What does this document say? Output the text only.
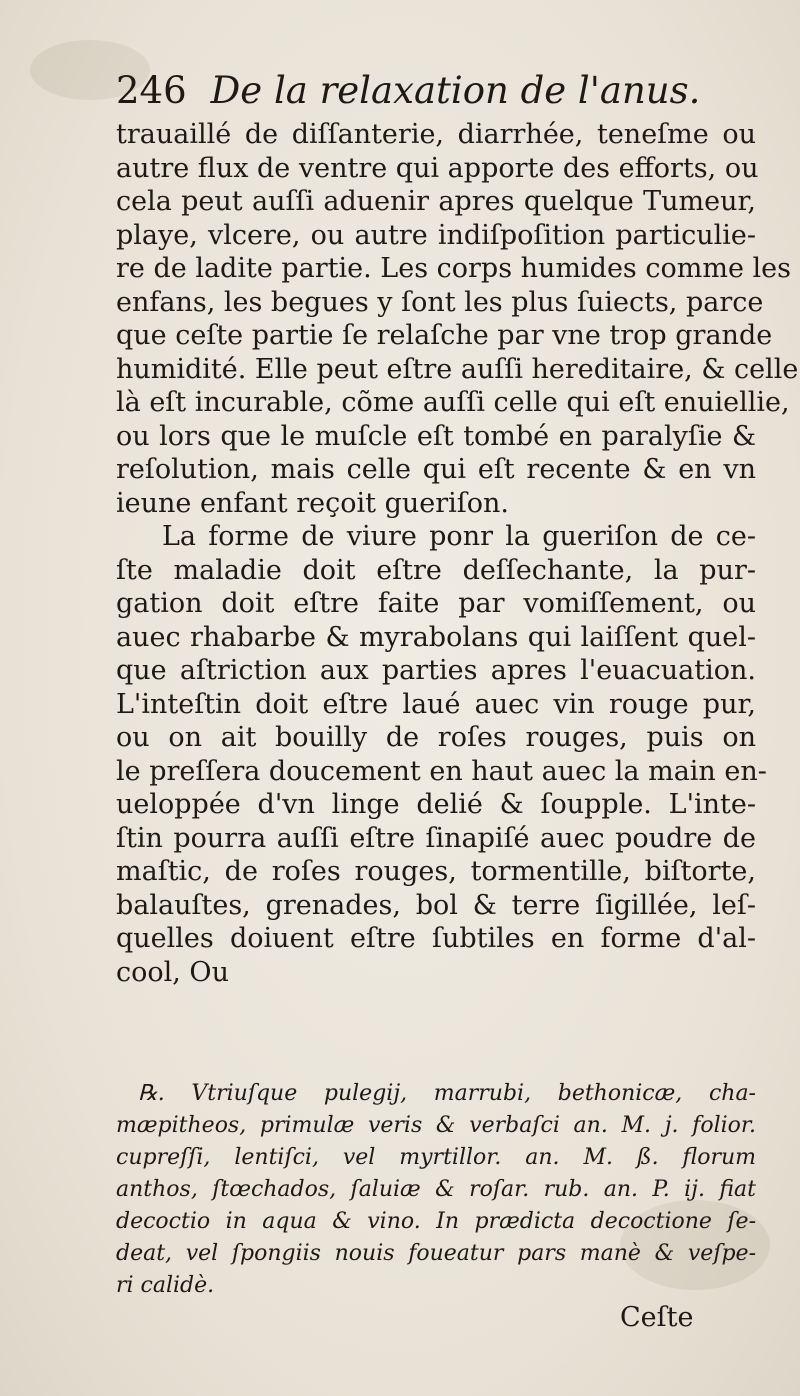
246 De la relaxation de l'anus.
trauaillé de diſſanterie, diarrhée, teneſme ou
autre flux de ventre qui apporte des efforts, ou
cela peut auſſi aduenir apres quelque Tumeur,
playe, vlcere, ou autre indiſpoſition particulie-
re de ladite partie. Les corps humides comme les
enfans, les begues y ſont les plus ſuiects, parce
que ceſte partie ſe relaſche par vne trop grande
humidité. Elle peut eſtre auſſi hereditaire, & celle
là eſt incurable, cõme auſſi celle qui eſt enuiellie,
ou lors que le muſcle eſt tombé en paralyſie &
reſolution, mais celle qui eſt recente & en vn
ieune enfant reçoit gueriſon.
La forme de viure ponr la gueriſon de ce-
ſte maladie doit eſtre deſſechante, la pur-
gation doit eſtre faite par vomiſſement, ou
auec rhabarbe & myrabolans qui laiſſent quel-
que aſtriction aux parties apres l'euacuation.
L'inteſtin doit eſtre laué auec vin rouge pur,
ou on ait bouilly de roſes rouges, puis on
le preſſera doucement en haut auec la main en-
ueloppée d'vn linge delié & ſoupple. L'inte-
ſtin pourra auſſi eſtre ſinapiſé auec poudre de
maſtic, de roſes rouges, tormentille, biſtorte,
balauſtes, grenades, bol & terre ſigillée, leſ-
quelles doiuent eſtre ſubtiles en forme d'al-
cool, Ou
℞. Vtriuſque pulegij, marrubi, bethonicæ, cha-
mæpitheos, primulæ veris & verbaſci an. M. j. folior.
cupreſſi, lentiſci, vel myrtillor. an. M. ß. florum
anthos, ſtœchados, ſaluiæ & roſar. rub. an. P. ij. fiat
decoctio in aqua & vino. In prædicta decoctione ſe-
deat, vel ſpongiis nouis foueatur pars manè & veſpe-
ri calidè.
Ceſte
